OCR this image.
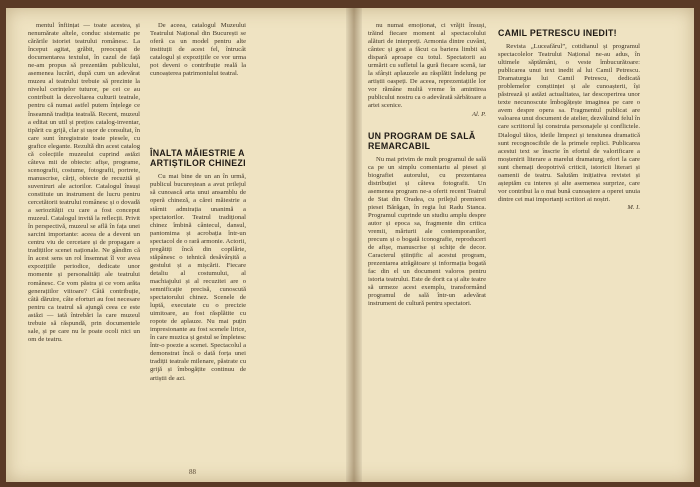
mentul înființat — toate acestea, și nenumărate altele, conduc sistematic pe cărările istoriei teatrului românesc. La început agitat, grăbit, preocupat de documentarea textului, în cazul de față ne-am propus să prezentăm publicului, asemenea lucrări, după cum un adevărat muzeu al teatrului trebuie să prezinte la nivelul cerințelor tuturor, pe cei ce au contribuit la dezvoltarea culturii teatrale, pentru că numai astfel putem înțelege ce înseamnă tradiția teatrală. Recent, muzeul a editat un util și prețios catalog-inventar, tipărit cu grijă, clar și ușor de consultat, în care sunt înregistrate toate piesele, cu grafice elegante. Rezultă din acest catalog că colecțiile muzeului cuprind astăzi câteva mii de obiecte: afișe, programe, scenografii, costume, fotografii, portrete, manuscrise, cărți, obiecte de recuzită și suveniruri ale actorilor. Catalogul însuși constituie un instrument de lucru pentru cercetătorii teatrului românesc și o dovadă a seriozității cu care a fost conceput muzeul. Catalogul invită la reflecții. Privit în perspectivă, muzeul se află în fața unei sarcini importante: aceea de a deveni un centru viu de cercetare și de propagare a tradițiilor scenei naționale. Ne gândim că în acest sens un rol însemnat îl vor avea expozițiile periodice, dedicate unor momente și personalități ale teatrului românesc. Ce vom păstra și ce vom arăta generațiilor viitoare? Câtă contribuție, câtă dăruire, câte eforturi au fost necesare pentru ca teatrul să ajungă ceea ce este astăzi — iată întrebări la care muzeul trebuie să răspundă, prin documentele sale, și pe care nu le poate ocoli nici un om de teatru.

De aceea, catalogul Muzeului Teatrului Național din București se oferă ca un model pentru alte instituții de acest fel, întrucât catalogul și expozițiile ce vor urma pot deveni o contribuție reală la cunoașterea patrimoniului teatral.

ÎNALTA MĂIESTRIE A ARTIȘTILOR CHINEZI

Cu mai bine de un an în urmă, publicul bucureștean a avut prilejul să cunoască arta unui ansamblu de operă chineză, a cărei măiestrie a stârnit admirația unanimă a spectatorilor. Teatrul tradițional chinez îmbină cântecul, dansul, pantomima și acrobația într-un spectacol de o rară armonie. Actorii, pregătiți încă din copilărie, stăpânesc o tehnică desăvârșită a gestului și a mișcării. Fiecare detaliu al costumului, al machiajului și al recuzitei are o semnificație precisă, cunoscută spectatorului chinez. Scenele de luptă, executate cu o precizie uimitoare, au fost răsplătite cu ropote de aplauze. Nu mai puțin impresionante au fost scenele lirice, în care muzica și gestul se împletesc într-o poezie a scenei. Spectacolul a demonstrat încă o dată forța unei tradiții teatrale milenare, păstrate cu grijă și îmbogățite continuu de artiștii de azi.

nu numai emoționat, ci vrăjit însuși, trăind fiecare moment al spectacolului alături de interpreți. Armonia dintre cuvânt, cântec și gest a făcut ca bariera limbii să dispară aproape cu totul. Spectatorii au urmărit cu sufletul la gură fiecare scenă, iar la sfârșit aplauzele au răsplătit îndelung pe artiștii oaspeți. De aceea, reprezentațiile lor vor rămâne multă vreme în amintirea publicului nostru ca o adevărată sărbătoare a artei scenice.

Al. P.

UN PROGRAM DE SALĂ REMARCABIL

Nu mai privim de mult programul de sală ca pe un simplu comentariu al piesei și biografiei autorului, cu prezentarea distribuției și câteva fotografii. Un asemenea program ne-a oferit recent Teatrul de Stat din Oradea, cu prilejul premierei piesei Bărăgan, în regia lui Radu Stanca. Programul cuprinde un studiu amplu despre autor și epoca sa, fragmente din critica vremii, mărturii ale contemporanilor, precum și o bogată iconografie, reproduceri de afișe, manuscrise și schițe de decor. Caracterul științific al acestui program, prezentarea atrăgătoare și informația bogată fac din el un document valoros pentru istoria teatrului. Este de dorit ca și alte teatre să urmeze acest exemplu, transformând programul de sală într-un adevărat instrument de cultură pentru spectatori.

CAMIL PETRESCU INEDIT!

Revista „Luceafărul”, cotidianul și programul spectacolelor Teatrului Național ne-au adus, în ultimele săptămâni, o veste îmbucurătoare: publicarea unui text inedit al lui Camil Petrescu. Dramaturgia lui Camil Petrescu, dedicată problemelor conștiinței și ale cunoașterii, își păstrează și astăzi actualitatea, iar descoperirea unor texte necunoscute îmbogățește imaginea pe care o avem despre opera sa. Fragmentul publicat are valoarea unui document de atelier, dezvăluind felul în care scriitorul își construia personajele și conflictele. Dialogul tăios, ideile limpezi și tensiunea dramatică sunt recognoscibile de la primele replici. Publicarea acestui text se înscrie în efortul de valorificare a moștenirii literare a marelui dramaturg, efort la care sunt chemați deopotrivă criticii, istoricii literari și oamenii de teatru. Salutăm inițiativa revistei și așteptăm cu interes și alte asemenea surprize, care vor contribui la o mai bună cunoaștere a operei unuia dintre cei mai importanți scriitori ai noștri.

M. I.

88
